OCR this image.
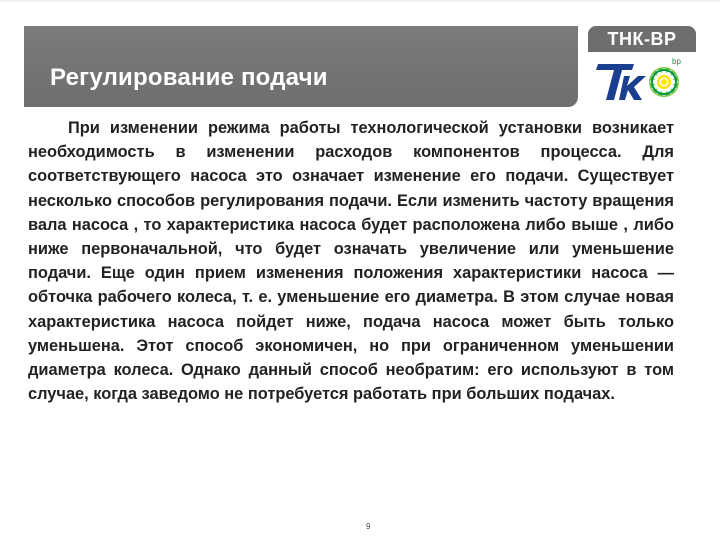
Регулирование подачи
ТНК-ВР
bp
При изменении режима работы технологической установки возникает необходимость в изменении расходов компонентов процесса. Для соответствующего насоса это означает изменение его подачи. Существует несколько способов регулирования подачи. Если изменить частоту вращения вала насоса , то характеристика насоса будет расположена либо выше , либо ниже первоначальной, что будет означать увеличение или уменьшение подачи. Еще один прием изменения положения характеристики насоса — обточка рабочего колеса, т. е. уменьшение его диаметра. В этом случае новая характеристика насоса пойдет ниже, подача насоса может быть только уменьшена. Этот способ экономичен, но при ограниченном уменьшении диаметра колеса. Однако данный способ необратим: его используют в том случае, когда заведомо не потребуется работать при больших подачах.
9
